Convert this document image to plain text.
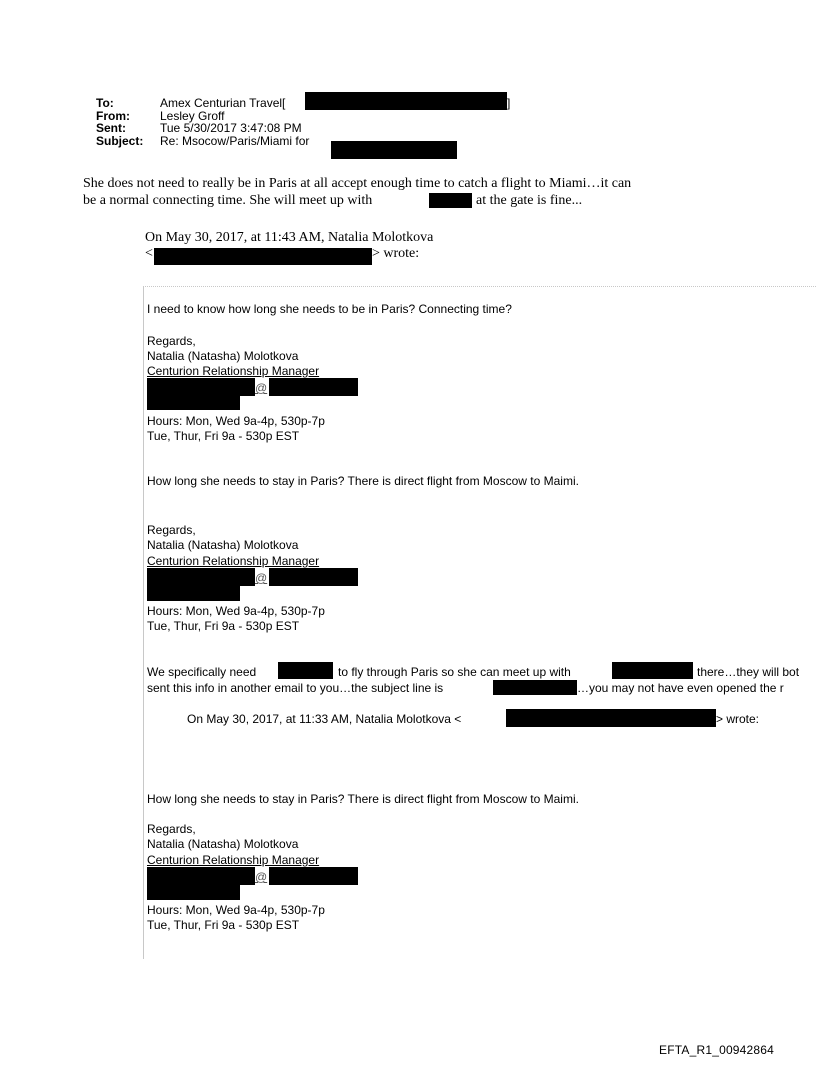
To:	Amex Centurian Travel[	]
From:	Lesley Groff
Sent:	Tue 5/30/2017 3:47:08 PM
Subject: Re: Msocow/Paris/Miami for
She does not need to really be in Paris at all accept enough time to catch a flight to Miami…it can
be a normal connecting time. She will meet up with	at the gate is fine...
On May 30, 2017, at 11:43 AM, Natalia Molotkova
<	> wrote:
I need to know how long she needs to be in Paris? Connecting time?
Regards,
Natalia (Natasha) Molotkova
Centurion Relationship Manager
@
Hours: Mon, Wed 9a-4p, 530p-7p
Tue, Thur, Fri 9a - 530p EST
How long she needs to stay in Paris? There is direct flight from Moscow to Maimi.
Regards,
Natalia (Natasha) Molotkova
Centurion Relationship Manager
@
Hours: Mon, Wed 9a-4p, 530p-7p
Tue, Thur, Fri 9a - 530p EST
We specifically need	to fly through Paris so she can meet up with	there…they will bot
sent this info in another email to you…the subject line is	…you may not have even opened the r
On May 30, 2017, at 11:33 AM, Natalia Molotkova <	> wrote:
How long she needs to stay in Paris? There is direct flight from Moscow to Maimi.
Regards,
Natalia (Natasha) Molotkova
Centurion Relationship Manager
@
Hours: Mon, Wed 9a-4p, 530p-7p
Tue, Thur, Fri 9a - 530p EST
EFTA_R1_00942864
